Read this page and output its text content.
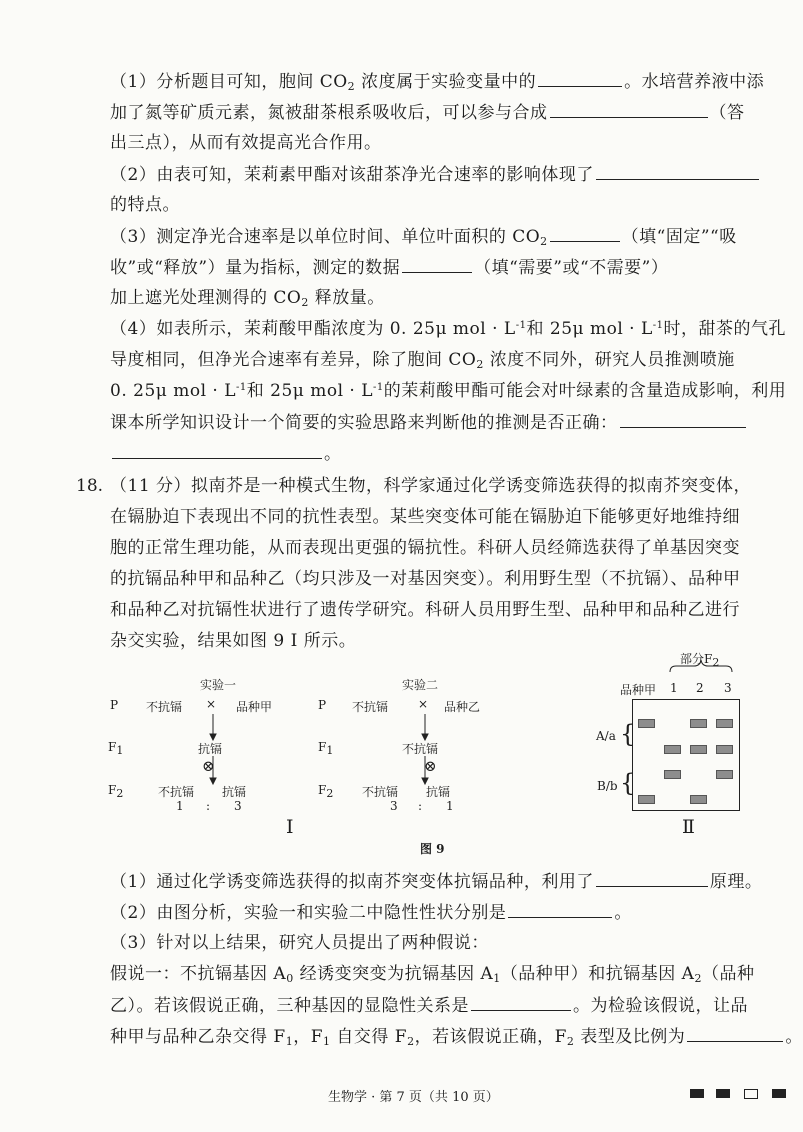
（1）分析题目可知，胞间 $CO_2$ 浓度属于实验变量中的	。水培营养液中添
加了氮等矿质元素，氮被甜茶根系吸收后，可以参与合成	（答
出三点），从而有效提高光合作用。
（2）由表可知，茉莉素甲酯对该甜茶净光合速率的影响体现了
的特点。
（3）测定净光合速率是以单位时间、单位叶面积的 $CO_2$	（填“固定”“吸
收”或“释放”）量为指标，测定的数据	（填“需要”或“不需要”）
加上遮光处理测得的 $CO_2$ 释放量。
（4）如表所示，茉莉酸甲酯浓度为 0. 25μ mol · $L^{-1}$和 25μ mol · $L^{-1}$时，甜茶的气孔
导度相同，但净光合速率有差异，除了胞间 $CO_2$ 浓度不同外，研究人员推测喷施
0. 25μ mol · $L^{-1}$和 25μ mol · $L^{-1}$的茉莉酸甲酯可能会对叶绿素的含量造成影响，利用
课本所学知识设计一个简要的实验思路来判断他的推测是否正确：
。
18. （11 分）拟南芥是一种模式生物，科学家通过化学诱变筛选获得的拟南芥突变体，
在镉胁迫下表现出不同的抗性表型。某些突变体可能在镉胁迫下能够更好地维持细
胞的正常生理功能，从而表现出更强的镉抗性。科研人员经筛选获得了单基因突变
的抗镉品种甲和品种乙（均只涉及一对基因突变）。利用野生型（不抗镉）、品种甲
和品种乙对抗镉性状进行了遗传学研究。科研人员用野生型、品种甲和品种乙进行
杂交实验，结果如图 9 Ⅰ 所示。
实验一
P 不抗镉 × 品种甲
$F_1$	抗镉
⊗
$F_2$	不抗镉 抗镉
1 : 3
实验二
P 不抗镉 × 品种乙
$F_1$	不抗镉
⊗
$F_2$ 不抗镉 抗镉
3 : 1
Ⅰ
部分$F_2$
品种甲 1 2 3
A/a {
B/b {
Ⅱ
图 9
（1）通过化学诱变筛选获得的拟南芥突变体抗镉品种，利用了	原理。
（2）由图分析，实验一和实验二中隐性性状分别是	。
（3）针对以上结果，研究人员提出了两种假说：
假说一：不抗镉基因 $A_0$ 经诱变突变为抗镉基因 $A_1$（品种甲）和抗镉基因 $A_2$（品种
乙）。若该假说正确，三种基因的显隐性关系是	。为检验该假说，让品
种甲与品种乙杂交得 $F_1$，$F_1$ 自交得 $F_2$，若该假说正确，$F_2$ 表型及比例为	。
生物学 · 第 7 页（共 10 页）
